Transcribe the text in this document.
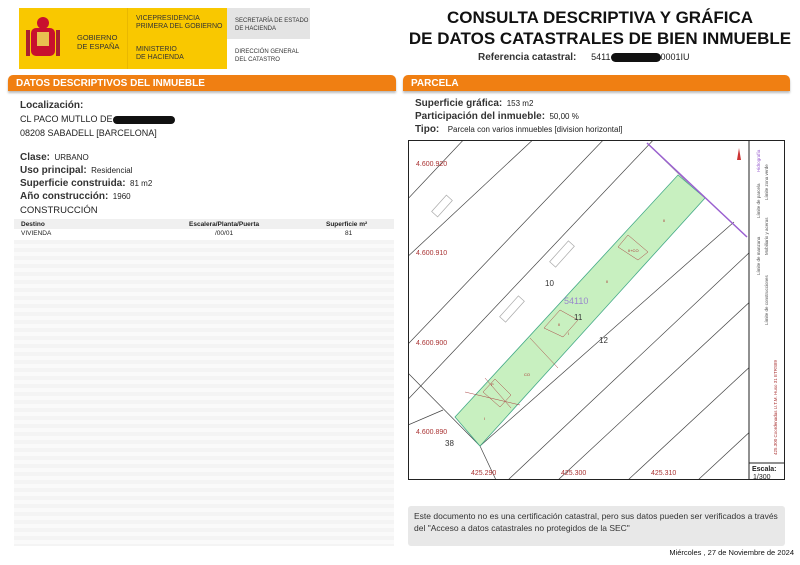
GOBIERNO
DE ESPAÑA
VICEPRESIDENCIA
PRIMERA DEL GOBIERNO
MINISTERIO
DE HACIENDA
SECRETARÍA DE ESTADO
DE HACIENDA
DIRECCIÓN GENERAL
DEL CATASTRO
CONSULTA DESCRIPTIVA Y GRÁFICA
DE DATOS CATASTRALES DE BIEN INMUEBLE
Referencia catastral: 5411	0001IU
DATOS DESCRIPTIVOS DEL INMUEBLE
Localización:
CL PACO MUTLLO DE
08208 SABADELL [BARCELONA]
Clase: URBANO
Uso principal: Residencial
Superficie construida: 81 m2
Año construcción: 1960
CONSTRUCCIÓN
Destino	Escalera/Planta/Puerta	Superficie m²
VIVIENDA	/00/01	81
PARCELA
Superficie gráfica: 153 m2
Participación del inmueble: 50,00 %
Tipo: Parcela con varios inmuebles [division horizontal]
4.600.920
4.600.910
4.600.900
4.600.890
425.290	425.300	425.310
10
11
12
38
54110
I
P
CO
I
II
II
II+CO
II
Límite de manzana
Límite de parcela
Límite de construcciones
Mobiliario y aceras
Hidrografía
Límite zona verde
425.300 Coordenadas U.T.M. Huso 31 ETRS89
Escala:
1/300
Este documento no es una certificación catastral, pero sus datos pueden ser verificados a través del "Acceso a datos catastrales no protegidos de la SEC"
Miércoles , 27 de Noviembre de 2024
